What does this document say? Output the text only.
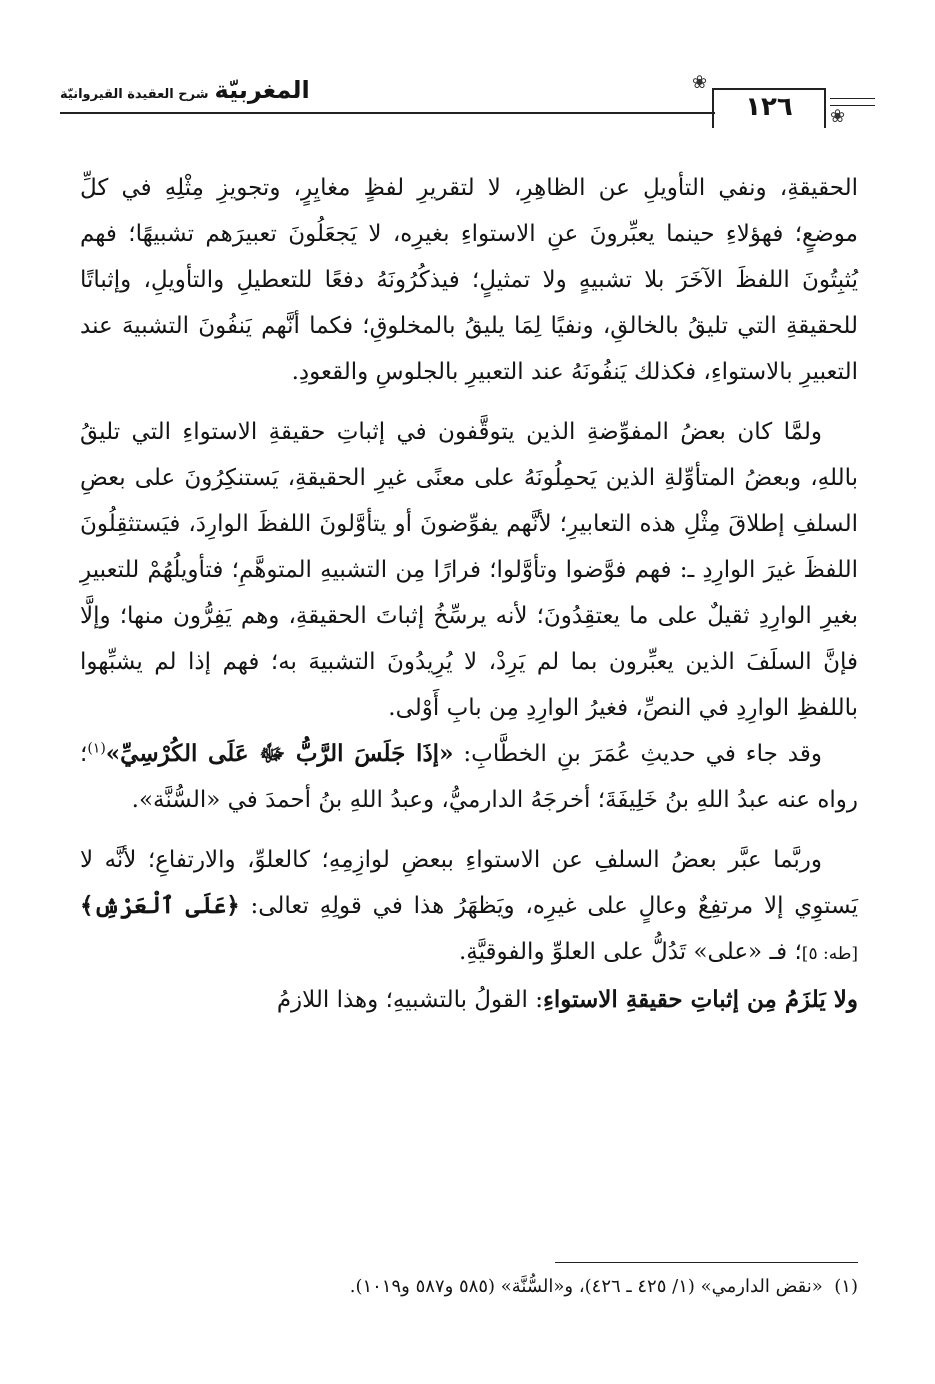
المغربيّةشرح العقيدة القيروانيّة
❀
١٢٦	❀

الحقيقةِ، ونفي التأويلِ عن الظاهِرِ، لا لتقريرِ لفظٍ مغايِرٍ، وتجويزِ مِثْلِهِ في كلِّ موضعٍ؛ فهؤلاءِ حينما يعبِّرونَ عنِ الاستواءِ بغيرِه، لا يَجعَلُونَ تعبيرَهم تشبيهًا؛ فهم يُثبِتُونَ اللفظَ الآخَرَ بلا تشبيهٍ ولا تمثيلٍ؛ فيذكُرُونَهُ دفعًا للتعطيلِ والتأويلِ، وإثباتًا للحقيقةِ التي تليقُ بالخالقِ، ونفيًا لِمَا يليقُ بالمخلوقِ؛ فكما أنَّهم يَنفُونَ التشبيهَ عند التعبيرِ بالاستواءِ، فكذلك يَنفُونَهُ عند التعبيرِ بالجلوسِ والقعودِ.

ولمَّا كان بعضُ المفوِّضةِ الذين يتوقَّفون في إثباتِ حقيقةِ الاستواءِ التي تليقُ باللهِ، وبعضُ المتأوِّلةِ الذين يَحمِلُونَهُ على معنًى غيرِ الحقيقةِ، يَستنكِرُونَ على بعضِ السلفِ إطلاقَ مِثْلِ هذه التعابيرِ؛ لأنَّهم يفوِّضونَ أو يتأوَّلونَ اللفظَ الوارِدَ، فيَستثقِلُونَ اللفظَ غيرَ الوارِدِ ـ: فهم فوَّضوا وتأوَّلوا؛ فرارًا مِن التشبيهِ المتوهَّمِ؛ فتأويلُهُمْ للتعبيرِ بغيرِ الوارِدِ ثقيلٌ على ما يعتقِدُونَ؛ لأنه يرسِّخُ إثباتَ الحقيقةِ، وهم يَفِرُّون منها؛ وإلَّا فإنَّ السلَفَ الذين يعبِّرون بما لم يَرِدْ، لا يُرِيدُونَ التشبيهَ به؛ فهم إذا لم يشبِّهوا باللفظِ الوارِدِ في النصِّ، فغيرُ الوارِدِ مِن بابِ أَوْلى.

وقد جاء في حديثِ عُمَرَ بنِ الخطَّابِ: «إذَا جَلَسَ الرَّبُّ ﷻ عَلَى الكُرْسِيِّ»$^{(١)}$؛ رواه عنه عبدُ اللهِ بنُ خَلِيفَةَ؛ أخرجَهُ الدارميُّ، وعبدُ اللهِ بنُ أحمدَ في «السُّنَّة».

وربَّما عبَّر بعضُ السلفِ عن الاستواءِ ببعضِ لوازِمِهِ؛ كالعلوِّ، والارتفاعِ؛ لأنَّه لا يَستوِي إلا مرتفِعٌ وعالٍ على غيرِه، ويَظهَرُ هذا في قولِهِ تعالى: ﴿عَلَى ٱلْعَرْشِ﴾ [طه: ٥]؛ فـ «على» تَدُلُّ على العلوِّ والفوقيَّةِ.

ولا يَلزَمُ مِن إثباتِ حقيقةِ الاستواءِ: القولُ بالتشبيهِ؛ وهذا اللازمُ

(١)  «نقض الدارمي» (١/ ٤٢٥ ـ ٤٢٦)، و«السُّنَّة» (٥٨٥ و٥٨٧ و١٠١٩).
